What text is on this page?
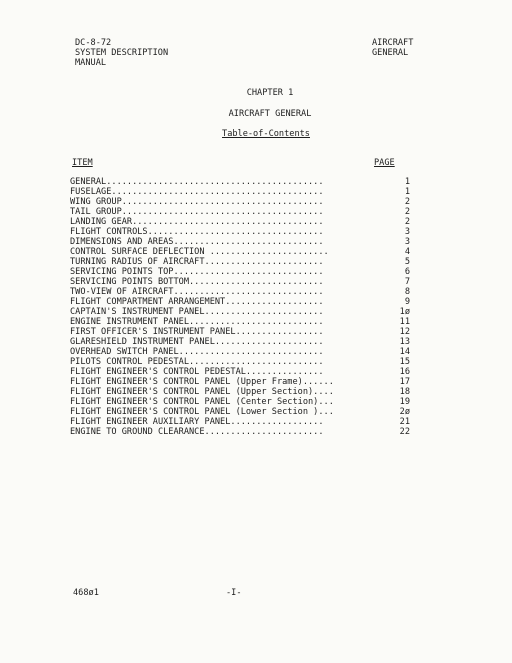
DC-8-72
SYSTEM DESCRIPTION
MANUAL
AIRCRAFT
GENERAL
CHAPTER 1
AIRCRAFT GENERAL
Table-of-Contents
ITEM	PAGE
GENERAL..........................................	1
FUSELAGE.........................................	1
WING GROUP.......................................	2
TAIL GROUP.......................................	2
LANDING GEAR.....................................	2
FLIGHT CONTROLS..................................	3
DIMENSIONS AND AREAS.............................	3
CONTROL SURFACE DEFLECTION .......................	4
TURNING RADIUS OF AIRCRAFT.......................	5
SERVICING POINTS TOP.............................	6
SERVICING POINTS BOTTOM..........................	7
TWO-VIEW OF AIRCRAFT.............................	8
FLIGHT COMPARTMENT ARRANGEMENT...................	9
CAPTAIN'S INSTRUMENT PANEL.......................	1ø
ENGINE INSTRUMENT PANEL..........................	11
FIRST OFFICER'S INSTRUMENT PANEL.................	12
GLARESHIELD INSTRUMENT PANEL.....................	13
OVERHEAD SWITCH PANEL............................	14
PILOTS CONTROL PEDESTAL..........................	15
FLIGHT ENGINEER'S CONTROL PEDESTAL...............	16
FLIGHT ENGINEER'S CONTROL PANEL (Upper Frame)......	17
FLIGHT ENGINEER'S CONTROL PANEL (Upper Section)....	18
FLIGHT ENGINEER'S CONTROL PANEL (Center Section)...	19
FLIGHT ENGINEER'S CONTROL PANEL (Lower Section )...	2ø
FLIGHT ENGINEER AUXILIARY PANEL..................	21
ENGINE TO GROUND CLEARANCE.......................	22
468ø1	-I-
